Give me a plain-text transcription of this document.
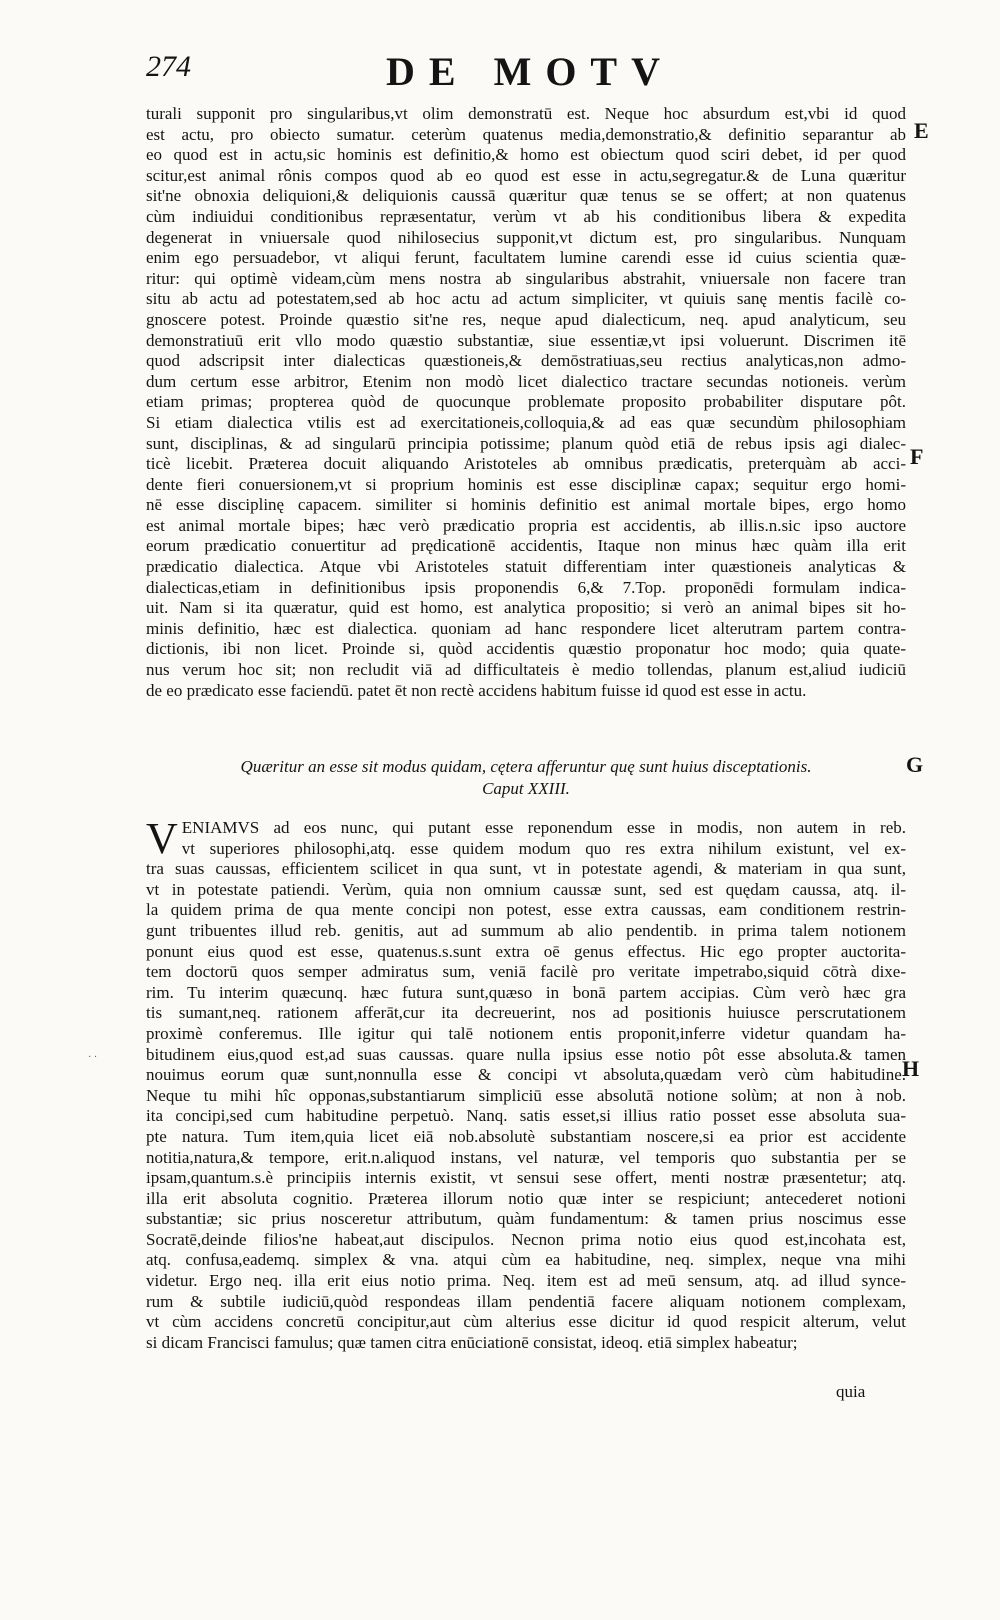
274	DE MOTV

turali supponit pro singularibus,vt olim demonstratū est. Neque hoc absurdum est,vbi id quod

est actu, pro obiecto sumatur. ceterùm quatenus media,demonstratio,& definitio separantur ab

eo quod est in actu,sic hominis est definitio,& homo est obiectum quod sciri debet, id per quod

scitur,est animal rônis compos quod ab eo quod est esse in actu,segregatur.& de Luna quæritur

sit'ne obnoxia deliquioni,& deliquionis caussā quæritur quæ tenus se se offert; at non quatenus

cùm indiuidui conditionibus repræsentatur, verùm vt ab his conditionibus libera & expedita

degenerat in vniuersale quod nihilosecius supponit,vt dictum est, pro singularibus. Nunquam

enim ego persuadebor, vt aliqui ferunt, facultatem lumine carendi esse id cuius scientia quæ-

ritur: qui optimè videam,cùm mens nostra ab singularibus abstrahit, vniuersale non facere tran

situ ab actu ad potestatem,sed ab hoc actu ad actum simpliciter, vt quiuis sanę mentis facilè co-

gnoscere potest. Proinde quæstio sit'ne res, neque apud dialecticum, neq. apud analyticum, seu

demonstratiuū erit vllo modo quæstio substantiæ, siue essentiæ,vt ipsi voluerunt. Discrimen itē

quod adscripsit inter dialecticas quæstioneis,& demōstratiuas,seu rectius analyticas,non admo-

dum certum esse arbitror, Etenim non modò licet dialectico tractare secundas notioneis. verùm

etiam primas; propterea quòd de quocunque problemate proposito probabiliter disputare pôt.

Si etiam dialectica vtilis est ad exercitationeis,colloquia,& ad eas quæ secundùm philosophiam

sunt, disciplinas, & ad singularū principia potissime; planum quòd etiā de rebus ipsis agi dialec-

ticè licebit. Præterea docuit aliquando Aristoteles ab omnibus prædicatis, preterquàm ab acci-

dente fieri conuersionem,vt si proprium hominis est esse disciplinæ capax; sequitur ergo homi-

nē esse disciplinę capacem. similiter si hominis definitio est animal mortale bipes, ergo homo

est animal mortale bipes; hæc verò prædicatio propria est accidentis, ab illis.n.sic ipso auctore

eorum prædicatio conuertitur ad prędicationē accidentis, Itaque non minus hæc quàm illa erit

prædicatio dialectica. Atque vbi Aristoteles statuit differentiam inter quæstioneis analyticas &

dialecticas,etiam in definitionibus ipsis proponendis 6,& 7.Top. proponēdi formulam indica-

uit. Nam si ita quæratur, quid est homo, est analytica propositio; si verò an animal bipes sit ho-

minis definitio, hæc est dialectica. quoniam ad hanc respondere licet alterutram partem contra-

dictionis, ibi non licet. Proinde si, quòd accidentis quæstio proponatur hoc modo; quia quate-

nus verum hoc sit; non recludit viā ad difficultateis è medio tollendas, planum est,aliud iudiciū

de eo prædicato esse faciendū. patet ēt non rectè accidens habitum fuisse id quod est esse in actu.

Quæritur an esse sit modus quidam, cętera afferuntur quę sunt huius disceptationis.
Caput XXIII.
V ENIAMVS ad eos nunc, qui putant esse reponendum esse in modis, non autem in reb.

vt superiores philosophi,atq. esse quidem modum quo res extra nihilum existunt, vel ex-

tra suas caussas, efficientem scilicet in qua sunt, vt in potestate agendi, & materiam in qua sunt,

vt in potestate patiendi. Verùm, quia non omnium caussæ sunt, sed est quędam caussa, atq. il-

la quidem prima de qua mente concipi non potest, esse extra caussas, eam conditionem restrin-

gunt tribuentes illud reb. genitis, aut ad summum ab alio pendentib. in prima talem notionem

ponunt eius quod est esse, quatenus.s.sunt extra oē genus effectus. Hic ego propter auctorita-

tem doctorū quos semper admiratus sum, veniā facilè pro veritate impetrabo,siquid cōtrà dixe-

rim. Tu interim quæcunq. hæc futura sunt,quæso in bonā partem accipias. Cùm verò hæc gra

tis sumant,neq. rationem afferāt,cur ita decreuerint, nos ad positionis huiusce perscrutationem

proximè conferemus. Ille igitur qui talē notionem entis proponit,inferre videtur quandam ha-

bitudinem eius,quod est,ad suas caussas. quare nulla ipsius esse notio pôt esse absoluta.& tamen

nouimus eorum quæ sunt,nonnulla esse & concipi vt absoluta,quædam verò cùm habitudine.

Neque tu mihi hîc opponas,substantiarum simpliciū esse absolutā notione solùm; at non à nob.

ita concipi,sed cum habitudine perpetuò. Nanq. satis esset,si illius ratio posset esse absoluta sua-

pte natura. Tum item,quia licet eiā nob.absolutè substantiam noscere,si ea prior est accidente

notitia,natura,& tempore, erit.n.aliquod instans, vel naturæ, vel temporis quo substantia per se

ipsam,quantum.s.è principiis internis existit, vt sensui sese offert, menti nostræ præsentetur; atq.

illa erit absoluta cognitio. Præterea illorum notio quæ inter se respiciunt; antecederet notioni

substantiæ; sic prius nosceretur attributum, quàm fundamentum: & tamen prius noscimus esse

Socratē,deinde filios'ne habeat,aut discipulos. Necnon prima notio eius quod est,incohata est,

atq. confusa,eademq. simplex & vna. atqui cùm ea habitudine, neq. simplex, neque vna mihi

videtur. Ergo neq. illa erit eius notio prima. Neq. item est ad meū sensum, atq. ad illud synce-

rum & subtile iudiciū,quòd respondeas illam pendentiā facere aliquam notionem complexam,

vt cùm accidens concretū concipitur,aut cùm alterius esse dicitur id quod respicit alterum, velut

si dicam Francisci famulus; quæ tamen citra enūciationē consistat, ideoq. etiā simplex habeatur;

quia
E
F
G
H
· ·
